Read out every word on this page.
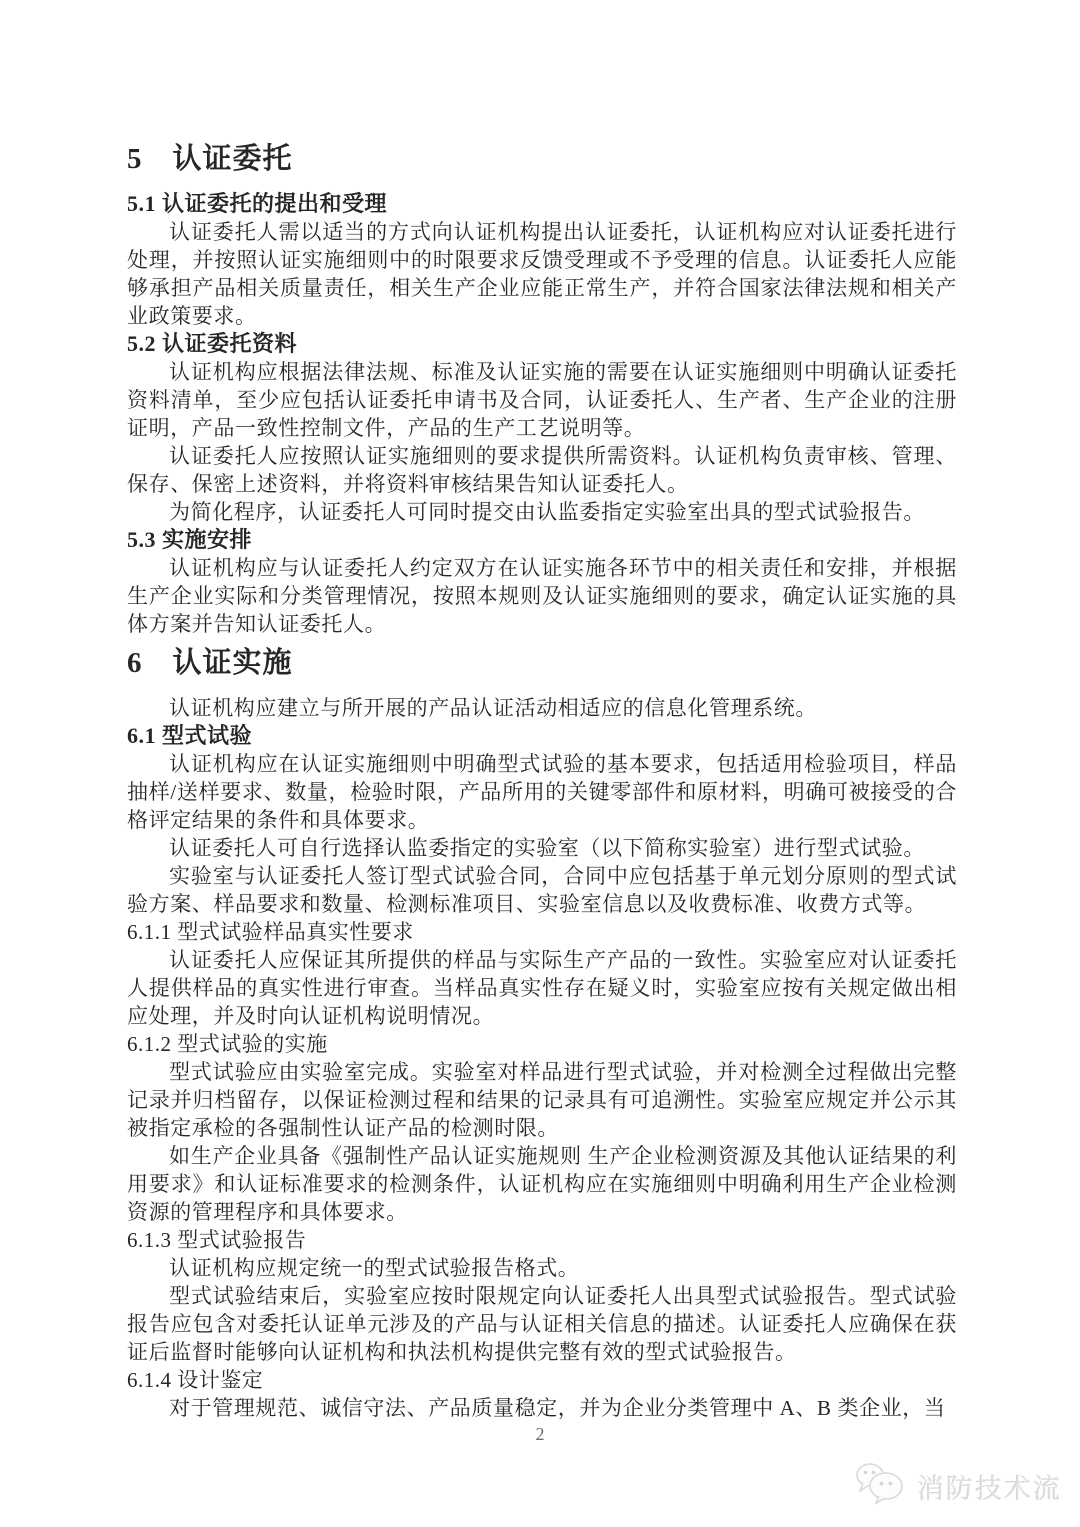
5　认证委托
5.1 认证委托的提出和受理

认证委托人需以适当的方式向认证机构提出认证委托，认证机构应对认证委托进行处理，并按照认证实施细则中的时限要求反馈受理或不予受理的信息。认证委托人应能够承担产品相关质量责任，相关生产企业应能正常生产，并符合国家法律法规和相关产业政策要求。

5.2 认证委托资料

认证机构应根据法律法规、标准及认证实施的需要在认证实施细则中明确认证委托资料清单，至少应包括认证委托申请书及合同，认证委托人、生产者、生产企业的注册证明，产品一致性控制文件，产品的生产工艺说明等。

认证委托人应按照认证实施细则的要求提供所需资料。认证机构负责审核、管理、保存、保密上述资料，并将资料审核结果告知认证委托人。

为简化程序，认证委托人可同时提交由认监委指定实验室出具的型式试验报告。

5.3 实施安排

认证机构应与认证委托人约定双方在认证实施各环节中的相关责任和安排，并根据生产企业实际和分类管理情况，按照本规则及认证实施细则的要求，确定认证实施的具体方案并告知认证委托人。

6　认证实施

认证机构应建立与所开展的产品认证活动相适应的信息化管理系统。

6.1 型式试验

认证机构应在认证实施细则中明确型式试验的基本要求，包括适用检验项目，样品抽样/送样要求、数量，检验时限，产品所用的关键零部件和原材料，明确可被接受的合格评定结果的条件和具体要求。

认证委托人可自行选择认监委指定的实验室（以下简称实验室）进行型式试验。

实验室与认证委托人签订型式试验合同，合同中应包括基于单元划分原则的型式试验方案、样品要求和数量、检测标准项目、实验室信息以及收费标准、收费方式等。

6.1.1 型式试验样品真实性要求

认证委托人应保证其所提供的样品与实际生产产品的一致性。实验室应对认证委托人提供样品的真实性进行审查。当样品真实性存在疑义时，实验室应按有关规定做出相应处理，并及时向认证机构说明情况。

6.1.2 型式试验的实施

型式试验应由实验室完成。实验室对样品进行型式试验，并对检测全过程做出完整记录并归档留存，以保证检测过程和结果的记录具有可追溯性。实验室应规定并公示其被指定承检的各强制性认证产品的检测时限。

如生产企业具备《强制性产品认证实施规则 生产企业检测资源及其他认证结果的利用要求》和认证标准要求的检测条件，认证机构应在实施细则中明确利用生产企业检测资源的管理程序和具体要求。

6.1.3 型式试验报告

认证机构应规定统一的型式试验报告格式。

型式试验结束后，实验室应按时限规定向认证委托人出具型式试验报告。型式试验报告应包含对委托认证单元涉及的产品与认证相关信息的描述。认证委托人应确保在获证后监督时能够向认证机构和执法机构提供完整有效的型式试验报告。

6.1.4 设计鉴定

对于管理规范、诚信守法、产品质量稳定，并为企业分类管理中 A、B 类企业，当

2
消防技术流
